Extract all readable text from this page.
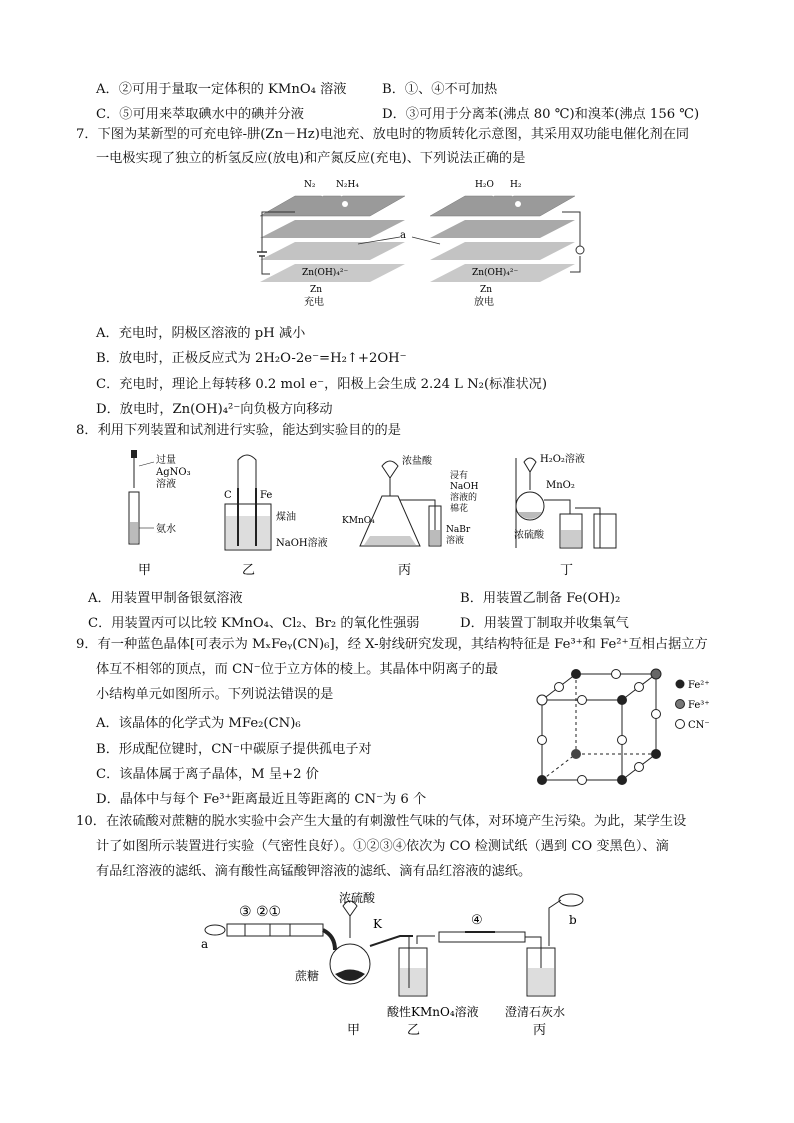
A．②可用于量取一定体积的 KMnO₄ 溶液	B．①、④不可加热
C．⑤可用来萃取碘水中的碘并分液	D．③可用于分离苯(沸点 80 ℃)和溴苯(沸点 156 ℃)
7．下图为某新型的可充电锌-肼(Zn－Hz)电池充、放电时的物质转化示意图，其采用双功能电催化剂在同
一电极实现了独立的析氢反应(放电)和产氮反应(充电)、下列说法正确的是
a
N₂ N₂H₄	H₂O H₂
Zn(OH)₄²⁻	Zn(OH)₄²⁻
Zn	Zn
充电	放电
A．充电时，阴极区溶液的 pH 减小
B．放电时，正极反应式为 2H₂O-2e⁻=H₂↑+2OH⁻
C．充电时，理论上每转移 0.2 mol e⁻，阳极上会生成 2.24 L N₂(标准状况)
D．放电时，Zn(OH)₄²⁻向负极方向移动
8．利用下列装置和试剂进行实验，能达到实验目的的是
过量
AgNO₃
溶液
氨水
C	Fe
煤油
NaOH溶液
浓盐酸
KMnO₄
浸有
NaOH
溶液的
棉花
NaBr
溶液
H₂O₂溶液
MnO₂
浓硫酸
甲	乙	丙	丁
A．用装置甲制备银氨溶液	B．用装置乙制备 Fe(OH)₂
C．用装置丙可以比较 KMnO₄、Cl₂、Br₂ 的氧化性强弱	D．用装置丁制取并收集氧气
9．有一种蓝色晶体[可表示为 MₓFeᵧ(CN)₆]，经 X-射线研究发现，其结构特征是 Fe³⁺和 Fe²⁺互相占据立方
体互不相邻的顶点，而 CN⁻位于立方体的棱上。其晶体中阴离子的最
小结构单元如图所示。下列说法错误的是
Fe²⁺
Fe³⁺
CN⁻
A．该晶体的化学式为 MFe₂(CN)₆
B．形成配位键时，CN⁻中碳原子提供孤电子对
C．该晶体属于离子晶体，M 呈+2 价
D．晶体中与每个 Fe³⁺距离最近且等距离的 CN⁻为 6 个
10．在浓硫酸对蔗糖的脱水实验中会产生大量的有刺激性气味的气体，对环境产生污染。为此，某学生设
计了如图所示装置进行实验（气密性良好）。①②③④依次为 CO 检测试纸（遇到 CO 变黑色）、滴
有品红溶液的滤纸、滴有酸性高锰酸钾溶液的滤纸、滴有品红溶液的滤纸。
a
③ ②①
浓硫酸
蔗糖
K
酸性KMnO₄溶液
④	b
澄清石灰水
甲	乙	丙
